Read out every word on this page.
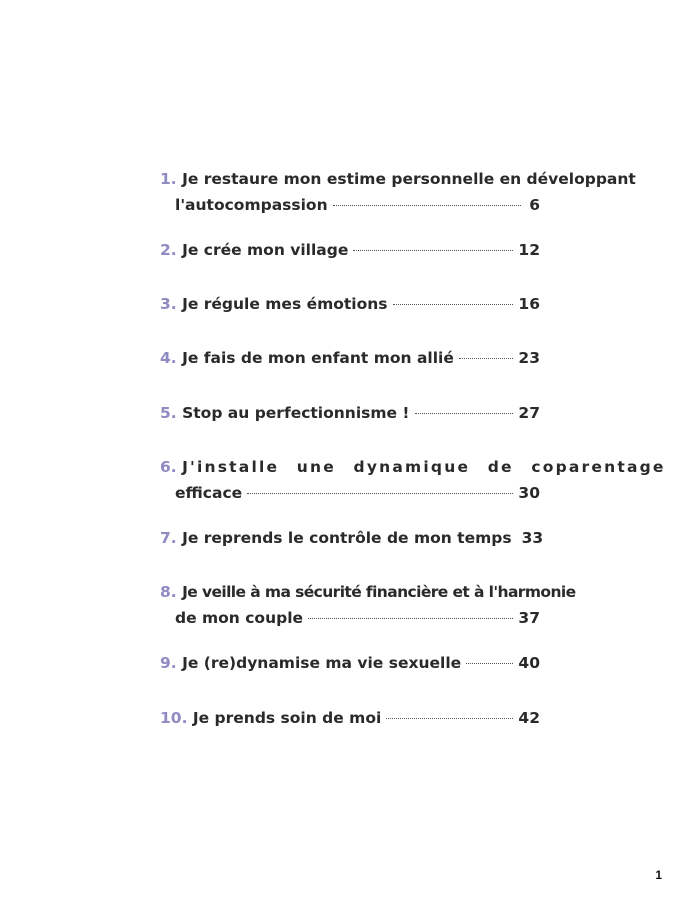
1.
Je restaure mon estime personnelle en développant
l'autocompassion	6
2.
Je crée mon village	12
3.
Je régule mes émotions	16
4.
Je fais de mon enfant mon allié	23
5.
Stop au perfectionnisme !	27
6.
J'installe une dynamique de coparentage
efficace	30
7.
Je reprends le contrôle de mon temps 33
8.
Je veille à ma sécurité financière et à l'harmonie
de mon couple	37
9.
Je (re)dynamise ma vie sexuelle	40
10.
Je prends soin de moi	42
1
